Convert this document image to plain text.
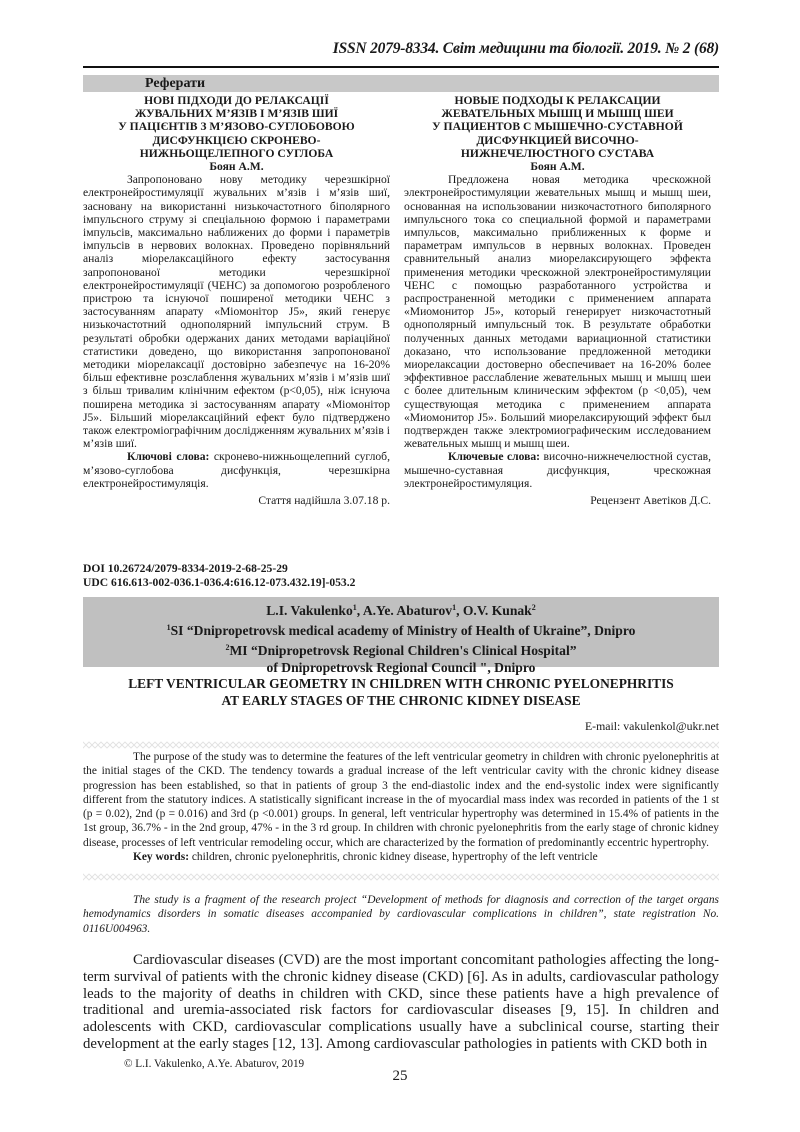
ISSN 2079-8334. Світ медицини та біології. 2019. № 2 (68)
Реферати
НОВІ ПІДХОДИ ДО РЕЛАКСАЦІЇ
ЖУВАЛЬНИХ М’ЯЗІВ І М’ЯЗІВ ШИЇ
У ПАЦІЄНТІВ З М’ЯЗОВО-СУГЛОБОВОЮ
ДИСФУНКЦІЄЮ СКРОНЕВО-
НИЖНЬОЩЕЛЕПНОГО СУГЛОБА
Боян А.М.

Запропоновано нову методику черезшкірної електронейростимуляції жувальних м’язів і м’язів шиї, засновану на використанні низькочастотного біполярного імпульсного струму зі спеціальною формою і параметрами імпульсів, максимально наближених до форми і параметрів імпульсів в нервових волокнах. Проведено порівняльний аналіз міорелаксаційного ефекту застосування запропонованої методики черезшкірної електронейростимуляції (ЧЕНС) за допомогою розробленого пристрою та існуючої поширеної методики ЧЕНС з застосуванням апарату «Міомонітор J5», який генерує низькочастотний однополярний імпульсний струм. В результаті обробки одержаних даних методами варіаційної статистики доведено, що використання запропонованої методики міорелаксації достовірно забезпечує на 16-20% більш ефективне розслаблення жувальних м’язів і м’язів шиї з більш тривалим клінічним ефектом (p<0,05), ніж існуюча поширена методика зі застосуванням апарату «Міомонітор J5». Більший міорелаксаційний ефект було підтверджено також електроміографічним дослідженням жувальних м’язів і м’язів шиї.

Ключові слова: скронево-нижньощелепний суглоб, м’язово-суглобова дисфункція, черезшкірна електронейростимуляція.

Стаття надійшла 3.07.18 р.

НОВЫЕ ПОДХОДЫ К РЕЛАКСАЦИИ
ЖЕВАТЕЛЬНЫХ МЫШЦ И МЫШЦ ШЕИ
У ПАЦИЕНТОВ С МЫШЕЧНО-СУСТАВНОЙ
ДИСФУНКЦИЕЙ ВИСОЧНО-
НИЖНЕЧЕЛЮСТНОГО СУСТАВА
Боян А.М.

Предложена новая методика чрескожной электронейростимуляции жевательных мышц и мышц шеи, основанная на использовании низкочастотного биполярного импульсного тока со специальной формой и параметрами импульсов, максимально приближенных к форме и параметрам импульсов в нервных волокнах. Проведен сравнительный анализ миорелаксирующего эффекта применения методики чрескожной электронейростимуляции ЧЕНС с помощью разработанного устройства и распространенной методики с применением аппарата «Миомонитор J5», который генерирует низкочастотный однополярный импульсный ток. В результате обработки полученных данных методами вариационной статистики доказано, что использование предложенной методики миорелаксации достоверно обеспечивает на 16-20% более эффективное расслабление жевательных мышц и мышц шеи с более длительным клиническим эффектом (p <0,05), чем существующая методика с применением аппарата «Миомонитор J5». Больший миорелаксирующий эффект был подтвержден также электромиографическим исследованием жевательных мышц и мышц шеи.

Ключевые слова: височно-нижнечелюстной сустав, мышечно-суставная дисфункция, чрескожная электронейростимуляция.

Рецензент Аветіков Д.С.

DOI 10.26724/2079-8334-2019-2-68-25-29
UDC 616.613-002-036.1-036.4:616.12-073.432.19]-053.2
L.I. Vakulenko$^1$, A.Ye. Abaturov$^1$, O.V. Kunak$^2$
$^1$SI “Dnipropetrovsk medical academy of Ministry of Health of Ukraine”, Dnipro
$^2$MI “Dnipropetrovsk Regional Children's Clinical Hospital”
of Dnipropetrovsk Regional Council ", Dnipro
LEFT VENTRICULAR GEOMETRY IN CHILDREN WITH CHRONIC PYELONEPHRITIS
AT EARLY STAGES OF THE CHRONIC KIDNEY DISEASE
E-mail: vakulenkol@ukr.net

The purpose of the study was to determine the features of the left ventricular geometry in children with chronic pyelonephritis at the initial stages of the CKD. The tendency towards a gradual increase of the left ventricular cavity with the chronic kidney disease progression has been established, so that in patients of group 3 the end-diastolic index and the end-systolic index were significantly different from the statutory indices. A statistically significant increase in the of myocardial mass index was recorded in patients of the 1 st (p = 0.02), 2nd (p = 0.016) and 3rd (p <0.001) groups. In general, left ventricular hypertrophy was determined in 15.4% of patients in the 1st group, 36.7% - in the 2nd group, 47% - in the 3 rd group. In children with chronic pyelonephritis from the early stage of chronic kidney disease, processes of left ventricular remodeling occur, which are characterized by the formation of predominantly eccentric hypertrophy.

Key words: children, chronic pyelonephritis, chronic kidney disease, hypertrophy of the left ventricle

The study is a fragment of the research project “Development of methods for diagnosis and correction of the target organs hemodynamics disorders in somatic diseases accompanied by cardiovascular complications in children”, state registration No. 0116U004963.

Cardiovascular diseases (CVD) are the most important concomitant pathologies affecting the long-term survival of patients with the chronic kidney disease (CKD) [6]. As in adults, cardiovascular pathology leads to the majority of deaths in children with CKD, since these patients have a high prevalence of traditional and uremia-associated risk factors for cardiovascular diseases [9, 15]. In children and adolescents with CKD, cardiovascular complications usually have a subclinical course, starting their development at the early stages [12, 13]. Among cardiovascular pathologies in patients with CKD both in

© L.I. Vakulenko, A.Ye. Abaturov, 2019
25
